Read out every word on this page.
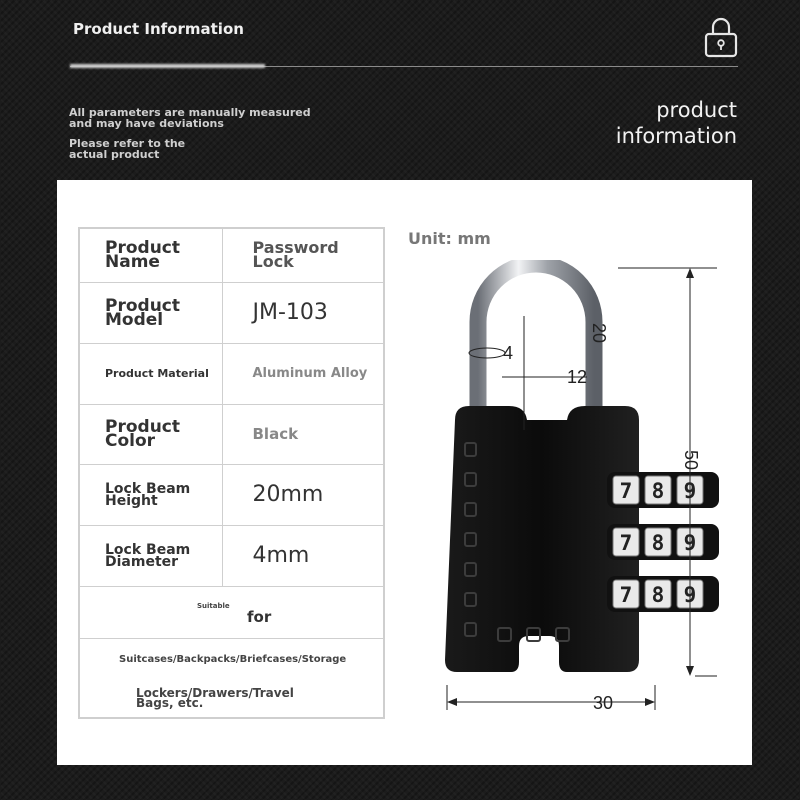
Product Information
All parameters are manually measured
and may have deviations
Please refer to the actual product
product information
Product Name	Password Lock
Product Model	JM-103
Product Material	Aluminum Alloy
Product Color	Black
Lock Beam Height	20mm
Lock Beam Diameter	4mm

Suitable
for	

Suitcases/Backpacks/Briefcases/Storage
Lockers/Drawers/Travel Bags, etc.	
Unit: mm
7 8 9
7 8 9
7 8 9
50
20
12
4
30
